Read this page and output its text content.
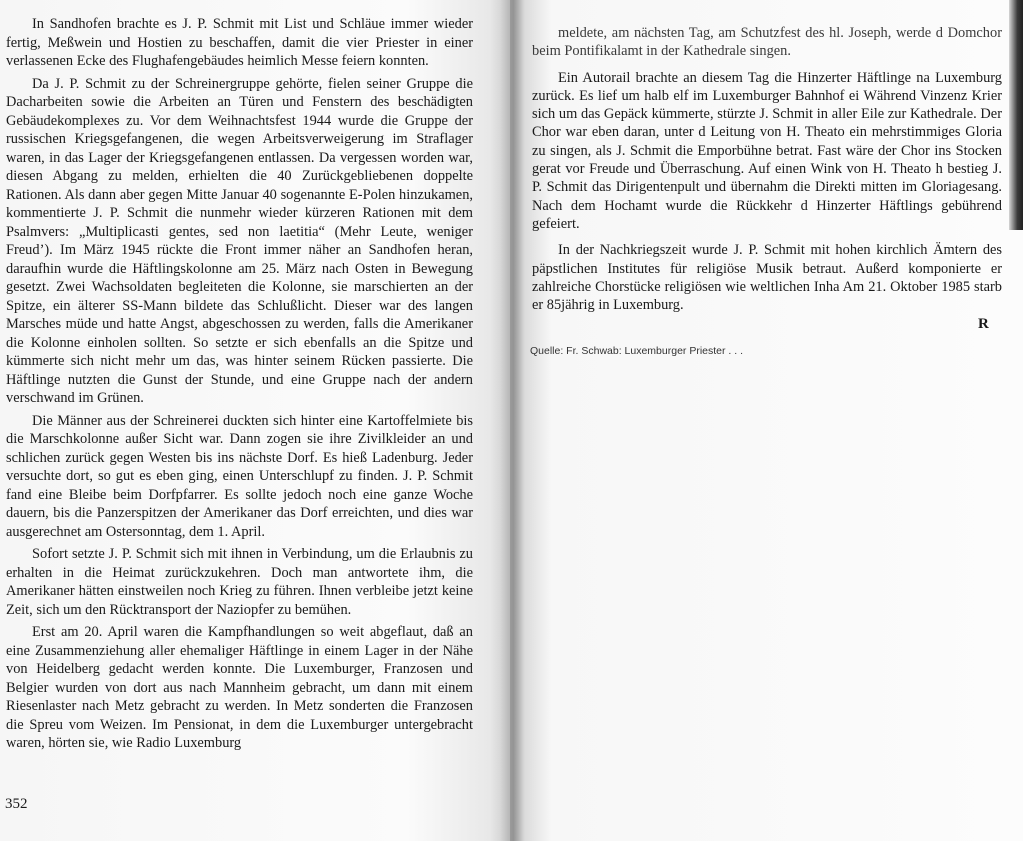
In Sandhofen brachte es J. P. Schmit mit List und Schläue immer wieder fertig, Meßwein und Hostien zu beschaffen, damit die vier Priester in einer verlassenen Ecke des Flughafengebäudes heimlich Messe feiern konnten.

Da J. P. Schmit zu der Schreinergruppe gehörte, fielen seiner Gruppe die Dacharbeiten sowie die Arbeiten an Türen und Fenstern des beschädigten Gebäudekomplexes zu. Vor dem Weihnachtsfest 1944 wurde die Gruppe der russischen Kriegsgefangenen, die wegen Arbeitsverweigerung im Straflager waren, in das Lager der Kriegsgefangenen entlassen. Da vergessen worden war, diesen Abgang zu melden, erhielten die 40 Zurückgebliebenen doppelte Rationen. Als dann aber gegen Mitte Januar 40 sogenannte E-Polen hinzukamen, kommentierte J. P. Schmit die nunmehr wieder kürzeren Rationen mit dem Psalmvers: „Multiplicasti gentes, sed non laetitia“ (Mehr Leute, weniger Freud’). Im März 1945 rückte die Front immer näher an Sandhofen heran, daraufhin wurde die Häftlingskolonne am 25. März nach Osten in Bewegung gesetzt. Zwei Wachsoldaten begleiteten die Kolonne, sie marschierten an der Spitze, ein älterer SS-Mann bildete das Schlußlicht. Dieser war des langen Marsches müde und hatte Angst, abgeschossen zu werden, falls die Amerikaner die Kolonne einholen sollten. So setzte er sich ebenfalls an die Spitze und kümmerte sich nicht mehr um das, was hinter seinem Rücken passierte. Die Häftlinge nutzten die Gunst der Stunde, und eine Gruppe nach der andern verschwand im Grünen.

Die Männer aus der Schreinerei duckten sich hinter eine Kartoffelmiete bis die Marschkolonne außer Sicht war. Dann zogen sie ihre Zivilkleider an und schlichen zurück gegen Westen bis ins nächste Dorf. Es hieß Ladenburg. Jeder versuchte dort, so gut es eben ging, einen Unterschlupf zu finden. J. P. Schmit fand eine Bleibe beim Dorfpfarrer. Es sollte jedoch noch eine ganze Woche dauern, bis die Panzerspitzen der Amerikaner das Dorf erreichten, und dies war ausgerechnet am Ostersonntag, dem 1. April.

Sofort setzte J. P. Schmit sich mit ihnen in Verbindung, um die Erlaubnis zu erhalten in die Heimat zurückzukehren. Doch man antwortete ihm, die Amerikaner hätten einstweilen noch Krieg zu führen. Ihnen verbleibe jetzt keine Zeit, sich um den Rücktransport der Naziopfer zu bemühen.

Erst am 20. April waren die Kampfhandlungen so weit abgeflaut, daß an eine Zusammenziehung aller ehemaliger Häftlinge in einem Lager in der Nähe von Heidelberg gedacht werden konnte. Die Luxemburger, Franzosen und Belgier wurden von dort aus nach Mannheim gebracht, um dann mit einem Riesenlaster nach Metz gebracht zu werden. In Metz sonderten die Franzosen die Spreu vom Weizen. Im Pensionat, in dem die Luxemburger untergebracht waren, hörten sie, wie Radio Luxemburg

352

meldete, am nächsten Tag, am Schutzfest des hl. Joseph, werde d Domchor beim Pontifikalamt in der Kathedrale singen.

Ein Autorail brachte an diesem Tag die Hinzerter Häftlinge na Luxemburg zurück. Es lief um halb elf im Luxemburger Bahnhof ei Während Vinzenz Krier sich um das Gepäck kümmerte, stürzte J. Schmit in aller Eile zur Kathedrale. Der Chor war eben daran, unter d Leitung von H. Theato ein mehrstimmiges Gloria zu singen, als J. Schmit die Emporbühne betrat. Fast wäre der Chor ins Stocken gerat vor Freude und Überraschung. Auf einen Wink von H. Theato h bestieg J. P. Schmit das Dirigentenpult und übernahm die Direkti mitten im Gloriagesang. Nach dem Hochamt wurde die Rückkehr d Hinzerter Häftlings gebührend gefeiert.

In der Nachkriegszeit wurde J. P. Schmit mit hohen kirchlich Ämtern des päpstlichen Institutes für religiöse Musik betraut. Außerd komponierte er zahlreiche Chorstücke religiösen wie weltlichen Inha Am 21. Oktober 1985 starb er 85jährig in Luxemburg.

R
Quelle: Fr. Schwab: Luxemburger Priester . . .
